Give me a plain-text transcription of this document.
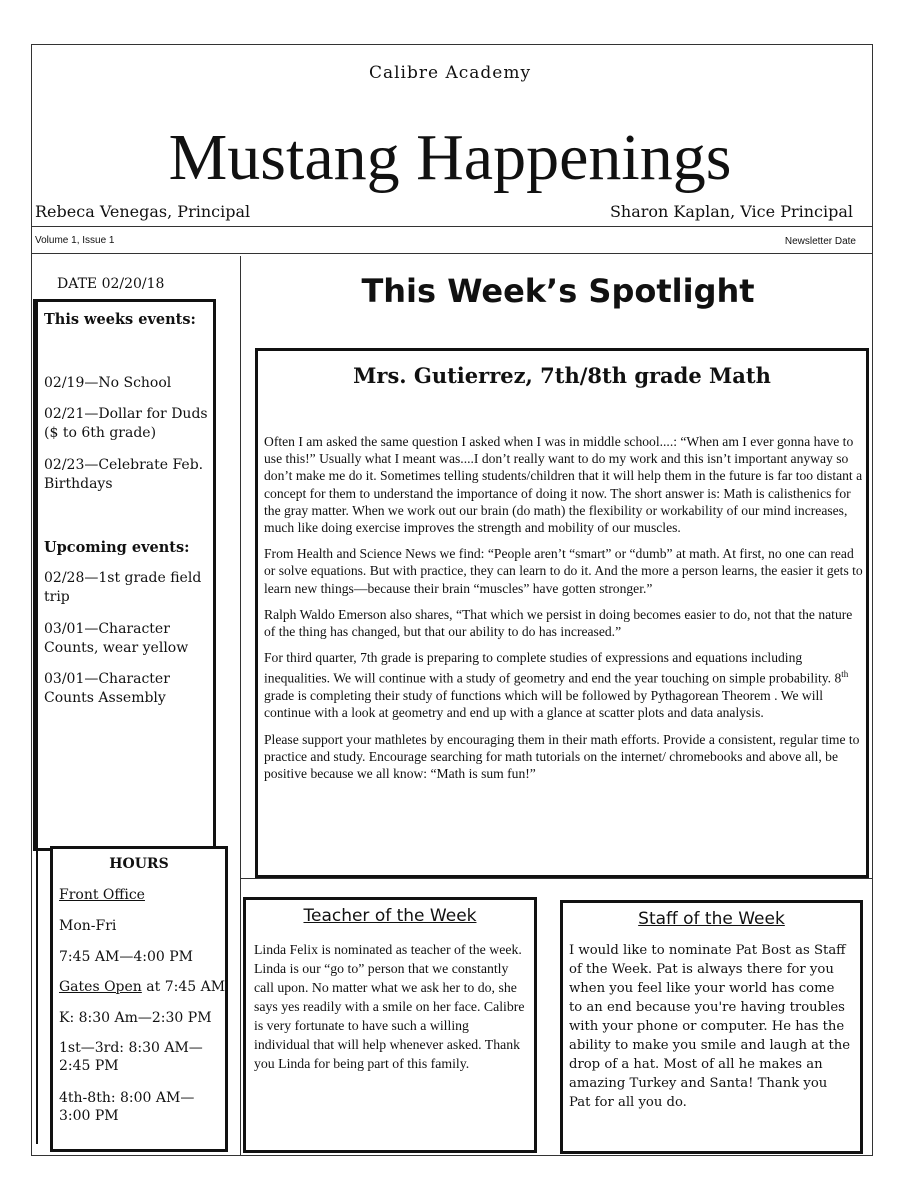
Calibre Academy
Mustang Happenings
Rebeca Venegas, Principal	Sharon Kaplan, Vice Principal
Volume 1, Issue 1	Newsletter Date
DATE 02/20/18
This weeks events:
02/19—No School
02/21—Dollar for Duds ($ to 6th grade)
02/23—Celebrate Feb. Birthdays
Upcoming events:
02/28—1st grade field trip
03/01—Character Counts, wear yellow
03/01—Character Counts Assembly
HOURS
Front Office
Mon-Fri
7:45 AM—4:00 PM
Gates Open at 7:45 AM
K: 8:30 Am—2:30 PM
1st—3rd: 8:30 AM—2:45 PM
4th-8th: 8:00 AM—3:00 PM
This Week’s Spotlight
Mrs. Gutierrez, 7th/8th grade Math

Often I am asked the same question I asked when I was in middle school....: “When am I ever gonna have to use this!” Usually what I meant was....I don’t really want to do my work and this isn’t important anyway so don’t make me do it. Sometimes telling students/children that it will help them in the future is far too distant a concept for them to understand the importance of doing it now. The short answer is: Math is calisthenics for the gray matter. When we work out our brain (do math) the flexibility or workability of our mind increases, much like doing exercise improves the strength and mobility of our muscles.

From Health and Science News we find: “People aren’t “smart” or “dumb” at math. At first, no one can read or solve equations. But with practice, they can learn to do it. And the more a person learns, the easier it gets to learn new things—because their brain “muscles” have gotten stronger.”

Ralph Waldo Emerson also shares, “That which we persist in doing becomes easier to do, not that the nature of the thing has changed, but that our ability to do has increased.”

For third quarter, 7th grade is preparing to complete studies of expressions and equations including inequalities. We will continue with a study of geometry and end the year touching on simple probability. 8th grade is completing their study of functions which will be followed by Pythagorean Theorem . We will continue with a look at geometry and end up with a glance at scatter plots and data analysis.

Please support your mathletes by encouraging them in their math efforts. Provide a consistent, regular time to practice and study. Encourage searching for math tutorials on the internet/ chromebooks and above all, be positive because we all know: “Math is sum fun!”

Teacher of the Week
Linda Felix is nominated as teacher of the week. Linda is our “go to” person that we constantly call upon. No matter what we ask her to do, she says yes readily with a smile on her face. Calibre is very fortunate to have such a willing individual that will help whenever asked. Thank you Linda for being part of this family.
Staff of the Week
I would like to nominate Pat Bost as Staff of the Week. Pat is always there for you when you feel like your world has come to an end because you're having troubles with your phone or computer. He has the ability to make you smile and laugh at the drop of a hat. Most of all he makes an amazing Turkey and Santa! Thank you Pat for all you do.
